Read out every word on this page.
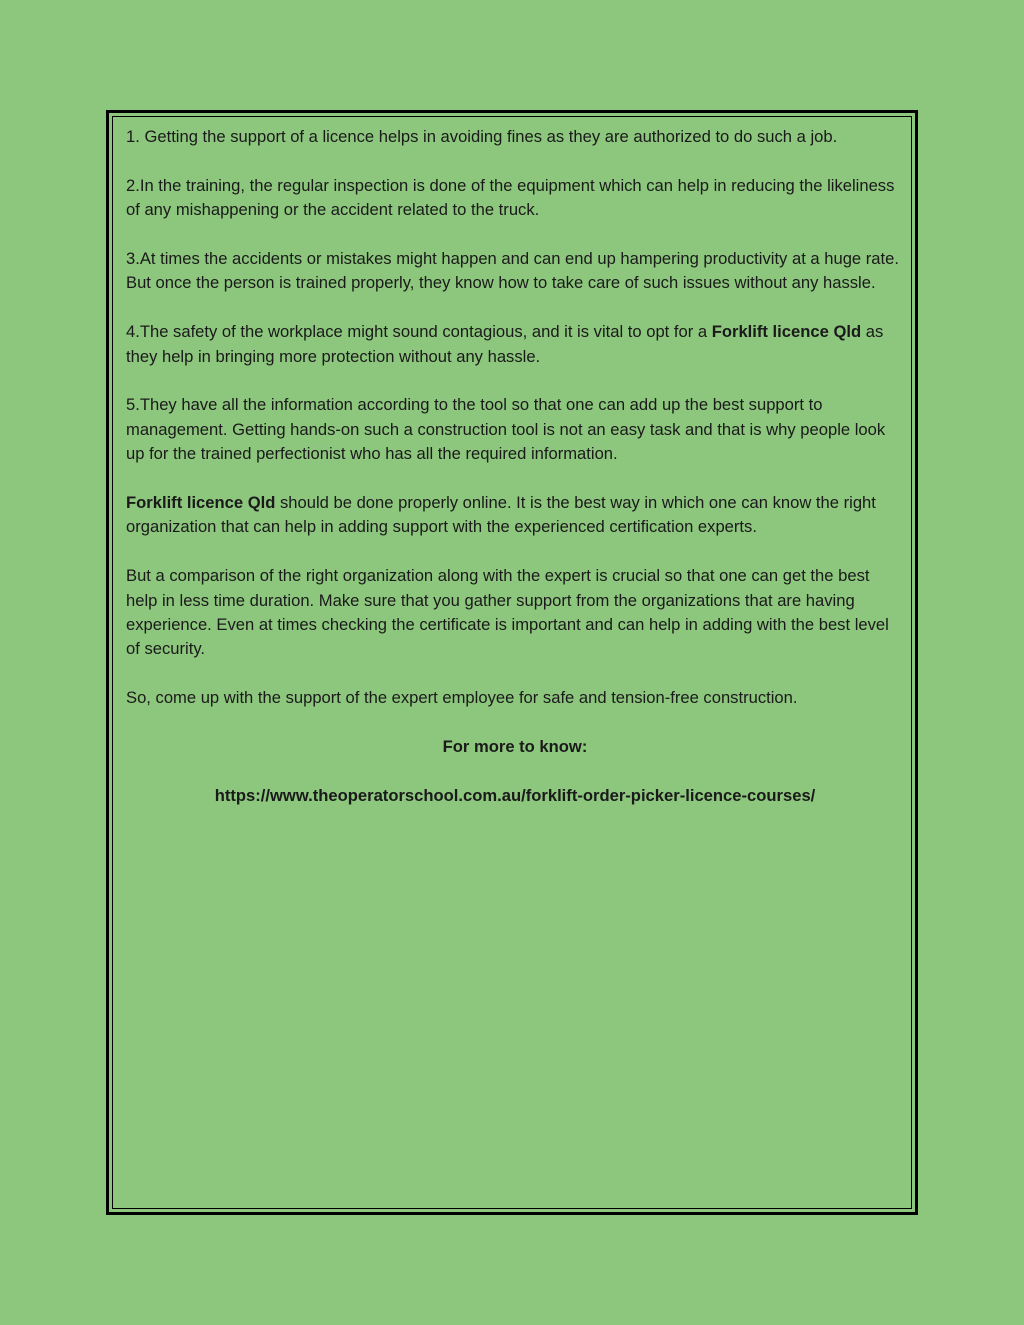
1. Getting the support of a licence helps in avoiding fines as they are authorized to do such a job.

2.In the training, the regular inspection is done of the equipment which can help in reducing the likeliness of any mishappening or the accident related to the truck.

3.At times the accidents or mistakes might happen and can end up hampering productivity at a huge rate. But once the person is trained properly, they know how to take care of such issues without any hassle.

4.The safety of the workplace might sound contagious, and it is vital to opt for a Forklift licence Qld as they help in bringing more protection without any hassle.

5.They have all the information according to the tool so that one can add up the best support to management. Getting hands-on such a construction tool is not an easy task and that is why people look up for the trained perfectionist who has all the required information.

Forklift licence Qld should be done properly online. It is the best way in which one can know the right organization that can help in adding support with the experienced certification experts.

But a comparison of the right organization along with the expert is crucial so that one can get the best help in less time duration. Make sure that you gather support from the organizations that are having experience. Even at times checking the certificate is important and can help in adding with the best level of security.

So, come up with the support of the expert employee for safe and tension-free construction.

For more to know:

https://www.theoperatorschool.com.au/forklift-order-picker-licence-courses/
